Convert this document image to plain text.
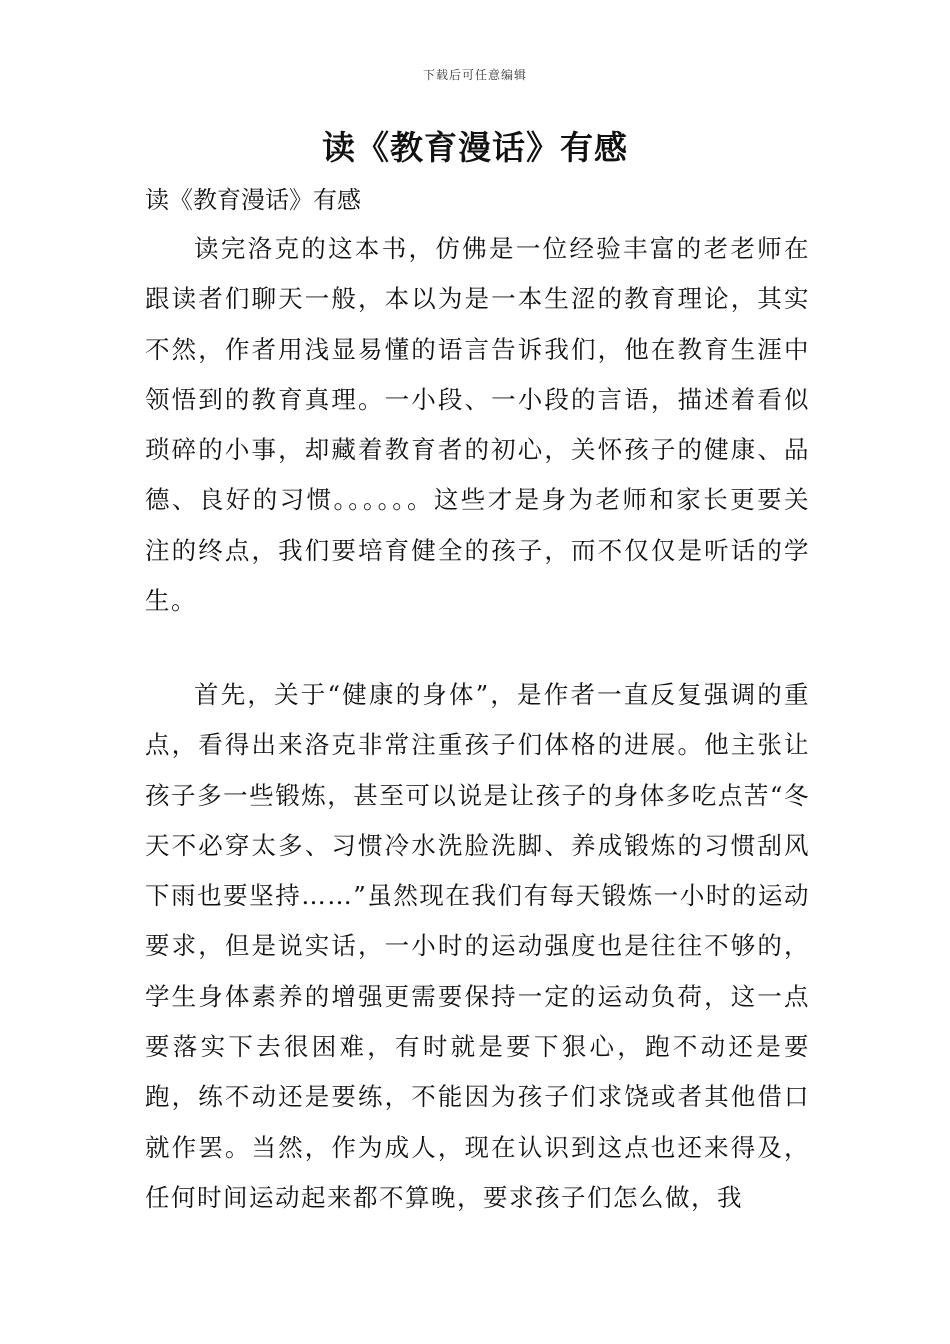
下载后可任意编辑
读《教育漫话》有感
读《教育漫话》有感

读完洛克的这本书，仿佛是一位经验丰富的老老师在跟读者们聊天一般，本以为是一本生涩的教育理论，其实不然，作者用浅显易懂的语言告诉我们，他在教育生涯中领悟到的教育真理。一小段、一小段的言语，描述着看似琐碎的小事，却藏着教育者的初心，关怀孩子的健康、品德、良好的习惯。。。。。。这些才是身为老师和家长更要关注的终点，我们要培育健全的孩子，而不仅仅是听话的学生。

首先，关于“健康的身体”，是作者一直反复强调的重点，看得出来洛克非常注重孩子们体格的进展。他主张让孩子多一些锻炼，甚至可以说是让孩子的身体多吃点苦“冬天不必穿太多、习惯冷水洗脸洗脚、养成锻炼的习惯刮风下雨也要坚持……”虽然现在我们有每天锻炼一小时的运动要求，但是说实话，一小时的运动强度也是往往不够的，学生身体素养的增强更需要保持一定的运动负荷，这一点要落实下去很困难，有时就是要下狠心，跑不动还是要跑，练不动还是要练，不能因为孩子们求饶或者其他借口就作罢。当然，作为成人，现在认识到这点也还来得及，任何时间运动起来都不算晚，要求孩子们怎么做，我
